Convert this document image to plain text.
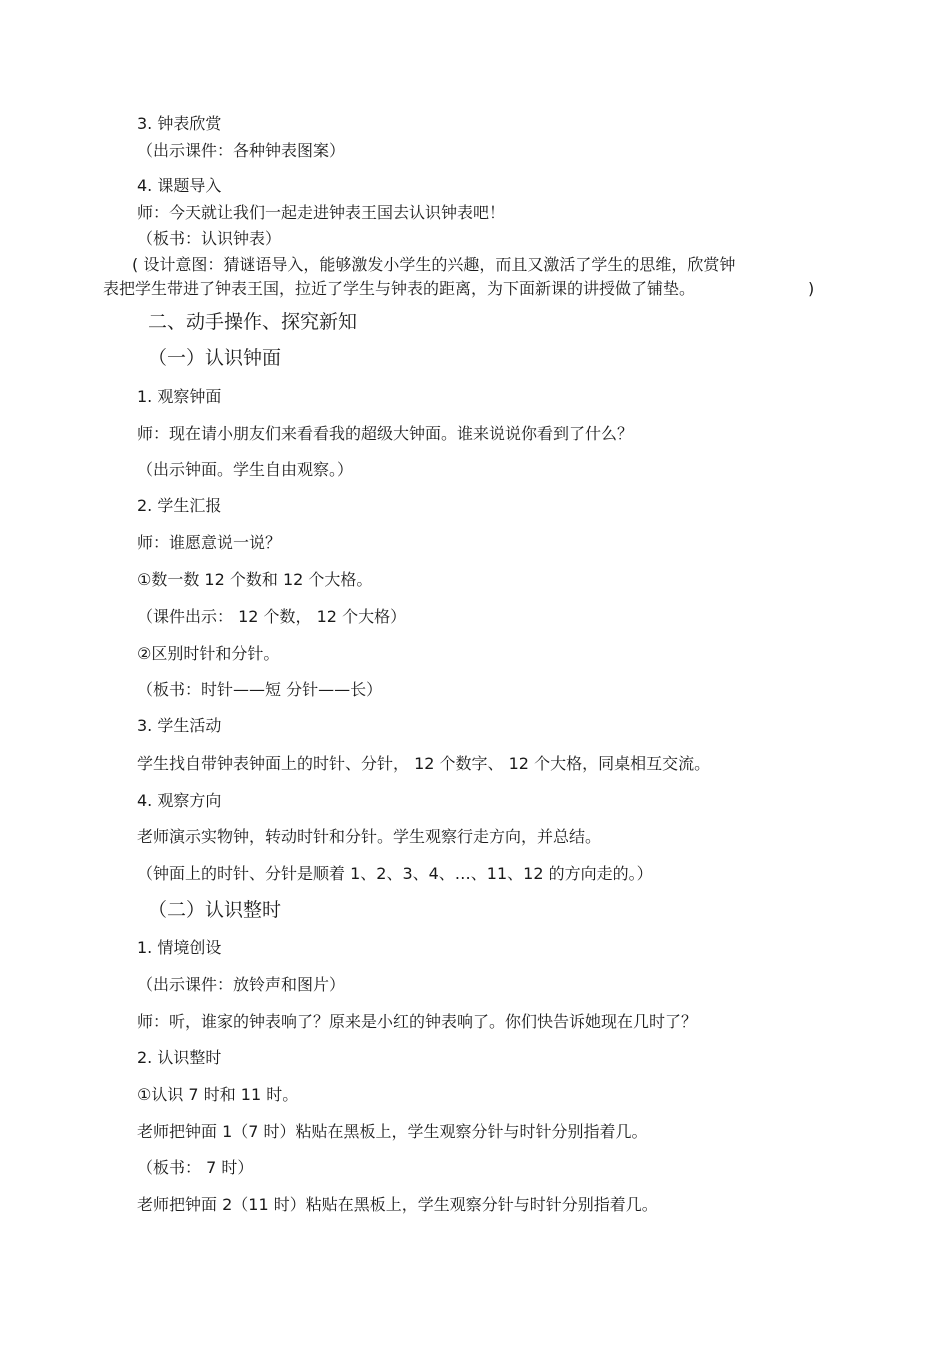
3. 钟表欣赏
（出示课件：各种钟表图案）
4. 课题导入
师：今天就让我们一起走进钟表王国去认识钟表吧！
（板书：认识钟表）
( 设计意图：猜谜语导入，能够激发小学生的兴趣，而且又激活了学生的思维，欣赏钟
表把学生带进了钟表王国，拉近了学生与钟表的距离，为下面新课的讲授做了铺垫。	)
二、动手操作、探究新知
（一）认识钟面
1. 观察钟面
师：现在请小朋友们来看看我的超级大钟面。谁来说说你看到了什么？
（出示钟面。学生自由观察。）
2. 学生汇报
师：谁愿意说一说？
①数一数 12 个数和 12 个大格。
（课件出示： 12 个数， 12 个大格）
②区别时针和分针。
（板书：时针——短 分针——长）
3. 学生活动
学生找自带钟表钟面上的时针、分针， 12 个数字、 12 个大格，同桌相互交流。
4. 观察方向
老师演示实物钟，转动时针和分针。学生观察行走方向，并总结。
（钟面上的时针、分针是顺着 1、2、3、4、…、11、12 的方向走的。）
（二）认识整时
1. 情境创设
（出示课件：放铃声和图片）
师：听，谁家的钟表响了？原来是小红的钟表响了。你们快告诉她现在几时了？
2. 认识整时
①认识 7 时和 11 时。
老师把钟面 1（7 时）粘贴在黑板上，学生观察分针与时针分别指着几。
（板书： 7 时）
老师把钟面 2（11 时）粘贴在黑板上，学生观察分针与时针分别指着几。
